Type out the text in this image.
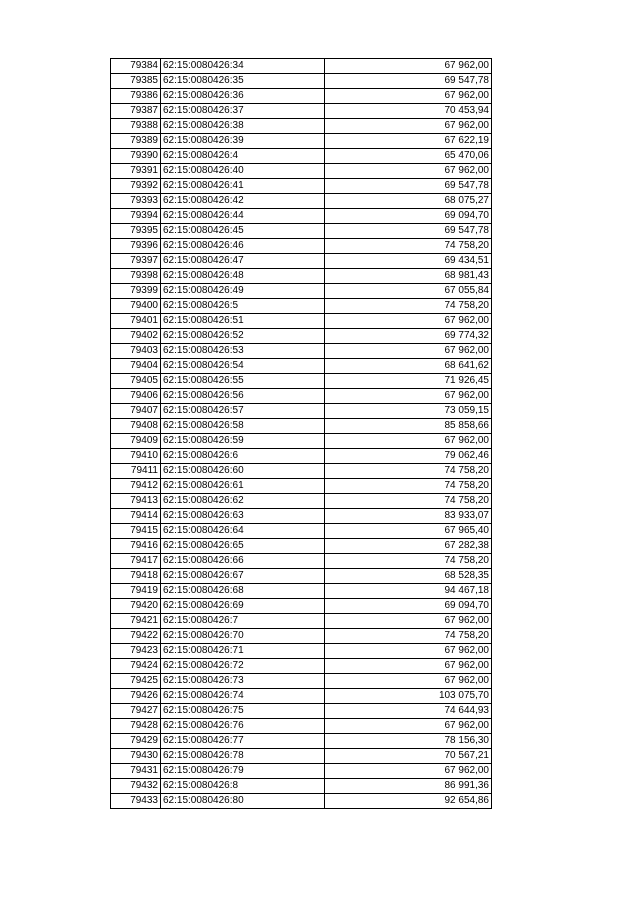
79384	62:15:0080426:34	67 962,00
79385	62:15:0080426:35	69 547,78
79386	62:15:0080426:36	67 962,00
79387	62:15:0080426:37	70 453,94
79388	62:15:0080426:38	67 962,00
79389	62:15:0080426:39	67 622,19
79390	62:15:0080426:4	65 470,06
79391	62:15:0080426:40	67 962,00
79392	62:15:0080426:41	69 547,78
79393	62:15:0080426:42	68 075,27
79394	62:15:0080426:44	69 094,70
79395	62:15:0080426:45	69 547,78
79396	62:15:0080426:46	74 758,20
79397	62:15:0080426:47	69 434,51
79398	62:15:0080426:48	68 981,43
79399	62:15:0080426:49	67 055,84
79400	62:15:0080426:5	74 758,20
79401	62:15:0080426:51	67 962,00
79402	62:15:0080426:52	69 774,32
79403	62:15:0080426:53	67 962,00
79404	62:15:0080426:54	68 641,62
79405	62:15:0080426:55	71 926,45
79406	62:15:0080426:56	67 962,00
79407	62:15:0080426:57	73 059,15
79408	62:15:0080426:58	85 858,66
79409	62:15:0080426:59	67 962,00
79410	62:15:0080426:6	79 062,46
79411	62:15:0080426:60	74 758,20
79412	62:15:0080426:61	74 758,20
79413	62:15:0080426:62	74 758,20
79414	62:15:0080426:63	83 933,07
79415	62:15:0080426:64	67 965,40
79416	62:15:0080426:65	67 282,38
79417	62:15:0080426:66	74 758,20
79418	62:15:0080426:67	68 528,35
79419	62:15:0080426:68	94 467,18
79420	62:15:0080426:69	69 094,70
79421	62:15:0080426:7	67 962,00
79422	62:15:0080426:70	74 758,20
79423	62:15:0080426:71	67 962,00
79424	62:15:0080426:72	67 962,00
79425	62:15:0080426:73	67 962,00
79426	62:15:0080426:74	103 075,70
79427	62:15:0080426:75	74 644,93
79428	62:15:0080426:76	67 962,00
79429	62:15:0080426:77	78 156,30
79430	62:15:0080426:78	70 567,21
79431	62:15:0080426:79	67 962,00
79432	62:15:0080426:8	86 991,36
79433	62:15:0080426:80	92 654,86
